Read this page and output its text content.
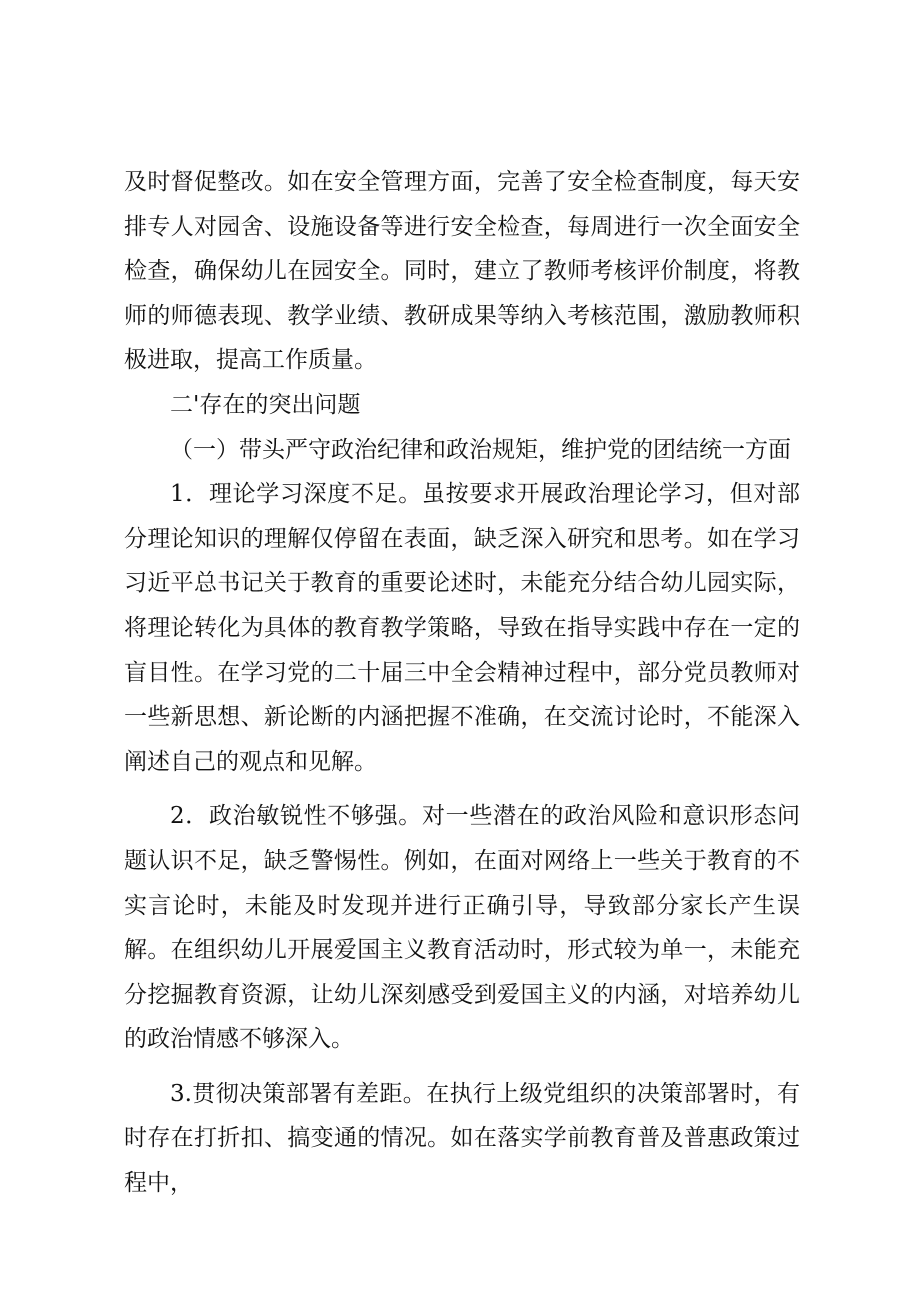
及时督促整改。如在安全管理方面，完善了安全检查制度，每天安排专人对园舍、设施设备等进行安全检查，每周进行一次全面安全检查，确保幼儿在园安全。同时，建立了教师考核评价制度，将教师的师德表现、教学业绩、教研成果等纳入考核范围，激励教师积极进取，提高工作质量。

二'存在的突出问题

（一）带头严守政治纪律和政治规矩，维护党的团结统一方面

1．理论学习深度不足。虽按要求开展政治理论学习，但对部分理论知识的理解仅停留在表面，缺乏深入研究和思考。如在学习习近平总书记关于教育的重要论述时，未能充分结合幼儿园实际，将理论转化为具体的教育教学策略，导致在指导实践中存在一定的盲目性。在学习党的二十届三中全会精神过程中，部分党员教师对一些新思想、新论断的内涵把握不准确，在交流讨论时，不能深入阐述自己的观点和见解。

2．政治敏锐性不够强。对一些潜在的政治风险和意识形态问题认识不足，缺乏警惕性。例如，在面对网络上一些关于教育的不实言论时，未能及时发现并进行正确引导，导致部分家长产生误解。在组织幼儿开展爱国主义教育活动时，形式较为单一，未能充分挖掘教育资源，让幼儿深刻感受到爱国主义的内涵，对培养幼儿的政治情感不够深入。

3.贯彻决策部署有差距。在执行上级党组织的决策部署时，有时存在打折扣、搞变通的情况。如在落实学前教育普及普惠政策过程中，
